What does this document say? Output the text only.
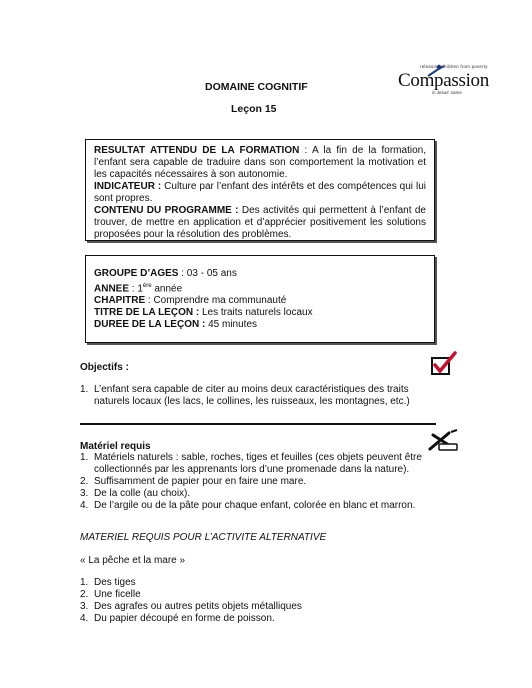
DOMAINE COGNITIF
Leçon 15
releasing children from poverty
Compassion
in Jesus' name

RESULTAT ATTENDU DE LA FORMATION : A la fin de la formation, l’enfant sera capable de traduire dans son comportement la motivation et les capacités nécessaires à son autonomie.

INDICATEUR : Culture par l’enfant des intérêts et des compétences qui lui sont propres.

CONTENU DU PROGRAMME : Des activités qui permettent à l’enfant de trouver, de mettre en application et d’apprécier positivement les solutions proposées pour la résolution des problèmes.

GROUPE D’AGES : 03 - 05 ans

ANNEE : 1ère année

CHAPITRE : Comprendre ma communauté

TITRE DE LA LEÇON : Les traits naturels locaux

DUREE DE LA LEÇON : 45 minutes

Objectifs :
1. L’enfant sera capable de citer au moins deux caractéristiques des traits naturels locaux (les lacs, le collines, les ruisseaux, les montagnes, etc.)
Matériel requis
1. Matériels naturels : sable, roches, tiges et feuilles (ces objets peuvent être collectionnés par les apprenants lors d’une promenade dans la nature).
2. Suffisamment de papier pour en faire une mare.
3. De la colle (au choix).
4. De l’argile ou de la pâte pour chaque enfant, colorée en blanc et marron.
MATERIEL REQUIS POUR L’ACTIVITE ALTERNATIVE
« La pêche et la mare »
1. Des tiges
2. Une ficelle
3. Des agrafes ou autres petits objets métalliques
4. Du papier découpé en forme de poisson.
